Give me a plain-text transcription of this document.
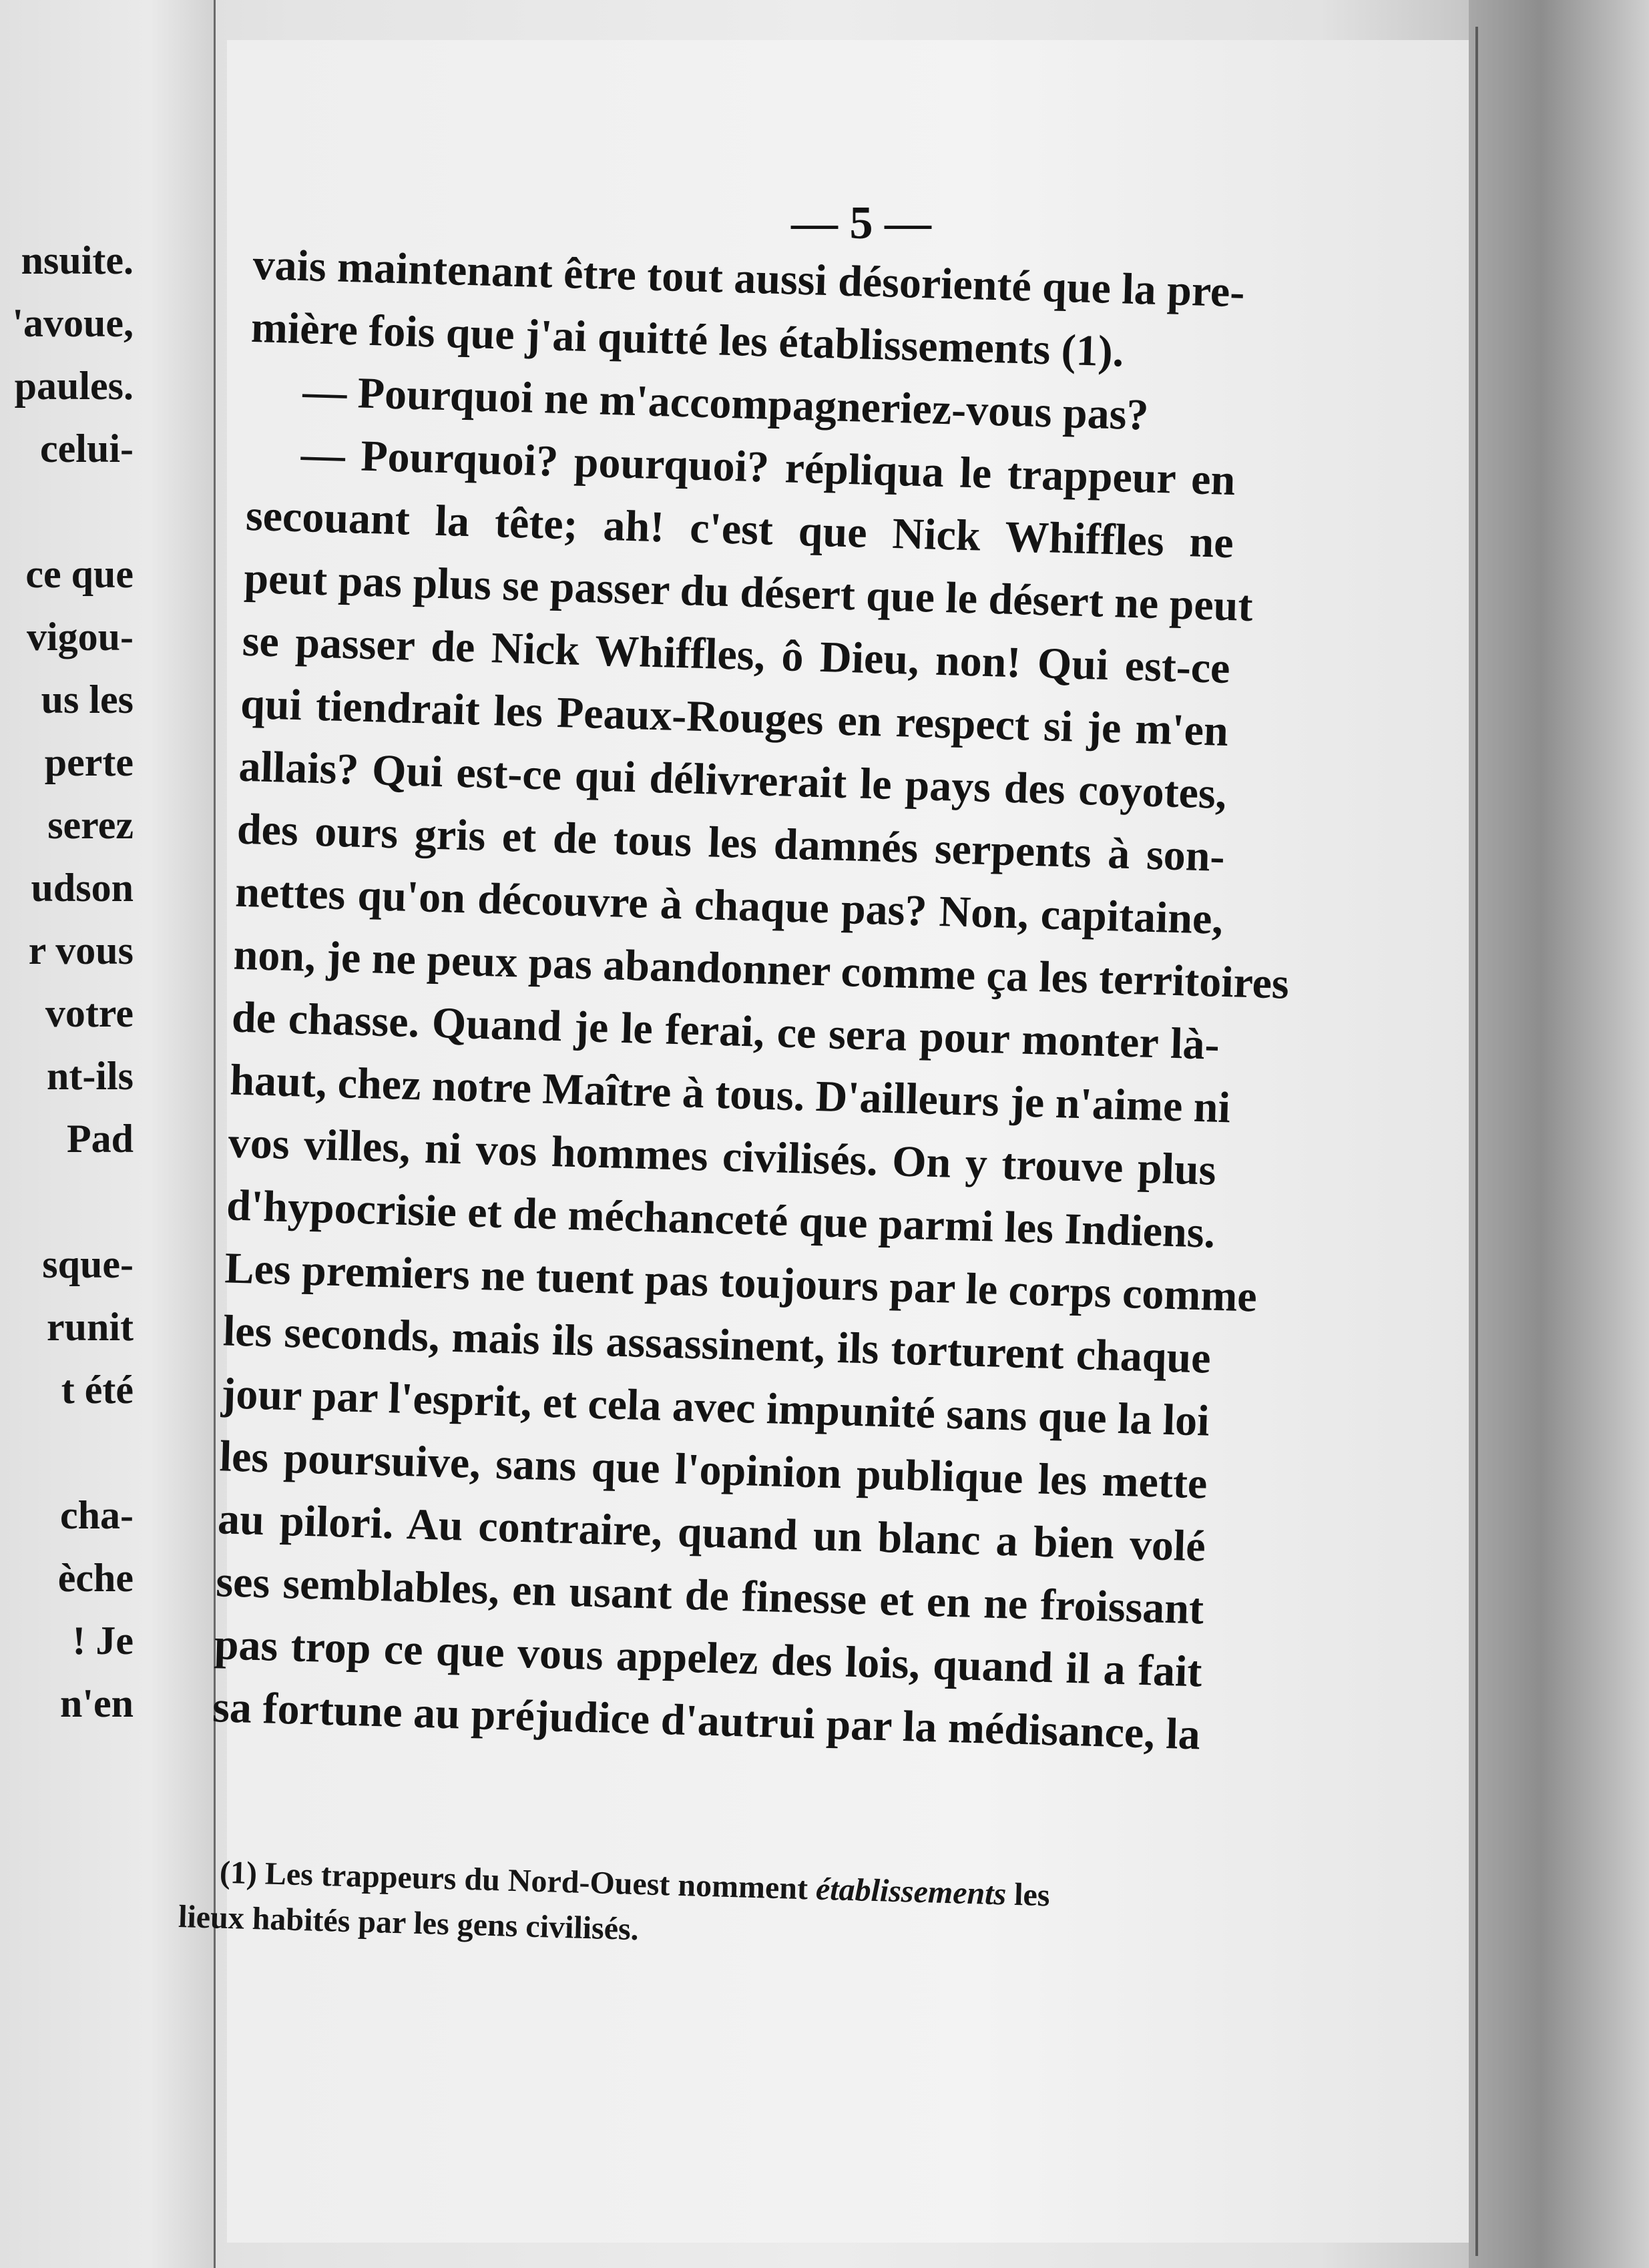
nsuite.
'avoue,
paules.
celui-
ce que
vigou-
us les
perte
serez
udson
r vous
votre
nt-ils
Pad
sque-
runit
t été
cha-
èche
! Je
n'en
— 5 —
vais maintenant être tout aussi désorienté que la pre-
mière fois que j'ai quitté les établissements (1).
— Pourquoi ne m'accompagneriez-vous pas?
— Pourquoi? pourquoi? répliqua le trappeur en
secouant la tête; ah! c'est que Nick Whiffles ne
peut pas plus se passer du désert que le désert ne peut
se passer de Nick Whiffles, ô Dieu, non! Qui est-ce
qui tiendrait les Peaux-Rouges en respect si je m'en
allais? Qui est-ce qui délivrerait le pays des coyotes,
des ours gris et de tous les damnés serpents à son-
nettes qu'on découvre à chaque pas? Non, capitaine,
non, je ne peux pas abandonner comme ça les territoires
de chasse. Quand je le ferai, ce sera pour monter là-
haut, chez notre Maître à tous. D'ailleurs je n'aime ni
vos villes, ni vos hommes civilisés. On y trouve plus
d'hypocrisie et de méchanceté que parmi les Indiens.
Les premiers ne tuent pas toujours par le corps comme
les seconds, mais ils assassinent, ils torturent chaque
jour par l'esprit, et cela avec impunité sans que la loi
les poursuive, sans que l'opinion publique les mette
au pilori. Au contraire, quand un blanc a bien volé
ses semblables, en usant de finesse et en ne froissant
pas trop ce que vous appelez des lois, quand il a fait
sa fortune au préjudice d'autrui par la médisance, la
(1) Les trappeurs du Nord-Ouest nomment établissements les
lieux habités par les gens civilisés.
